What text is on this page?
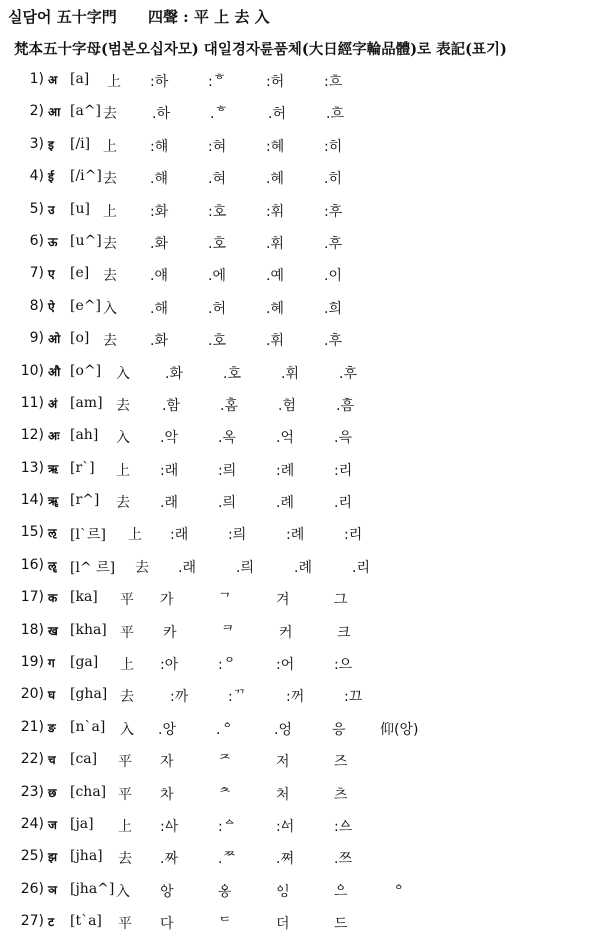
실담어 五十字門 四聲 : 平 上 去 入
梵本五十字母(범본오십자모) 대일경자륜품체(大日經字輪品體)로 表記(표기)
1) अ [a] 上 :하	:ᄒ	:허	:흐
2) आ [a^] 去	.하	.ᄒ	.허	.흐
3) इ	[/i] 上 :햬	:혀	:혜	:히
4) ई	[/i^] 去 .햬	.혀	.혜	.히
5) उ	[u] 上 :화	:호	:휘	:후
6) ऊ [u^] 去 .화	.호	.휘	.후
7) ए	[e] 去 .얘	.에	.예	.이
8) ऐ	[e^] 入 .해	.허	.혜	.희
9) ओ [o] 去 .화	.호	.휘	.후
10) औ [o^] 入	.화	.호	.휘	.후
11) अं [am] 去 .함	.홈	.험	.흠
12) अः [ah] 入 .악	.옥	.억	.윽
13) ऋ [r`] 上 :래	:릐	:례	:리
14) ॠ [r^] 去 .래	.릐	.례	.리
15) ऌ [l`르] 上 :래	:릐	:례	:리
16) ॡ [l^ 르] 去 .래	.릐	.례	.리
17) क [ka] 平 가	ᄀ	겨	그
18) ख [kha] 平 카	ᄏ	커	크
19) ग	[ga] 上 :아	:ᄋ	:어	:으
20) घ	[gha] 去	:까	:ᄁ	:꺼	:끄
21) ङ	[n`a] 入 .앙	.ᅌ	.엉	응 仰(앙)
22) च	[ca] 平 자	ᄌ	저	즈
23) छ [cha] 平 차	ᄎ	처	츠
24) ज [ja] 上 :ᅀᅡ	:ᅀ	:ᅀᅥ	:ᅀᅳ
25) झ [jha] 去 .짜	.ᄍ	.쪄	.쯔
26) ञ [jha^] 入 ᅌᅡᆼ	ᅌᅩᆼ	ᅌᅵᆼ	ᅌᅳ	ᅌ
27) ट	[t`a] 平 다	ᄃ	더	드
